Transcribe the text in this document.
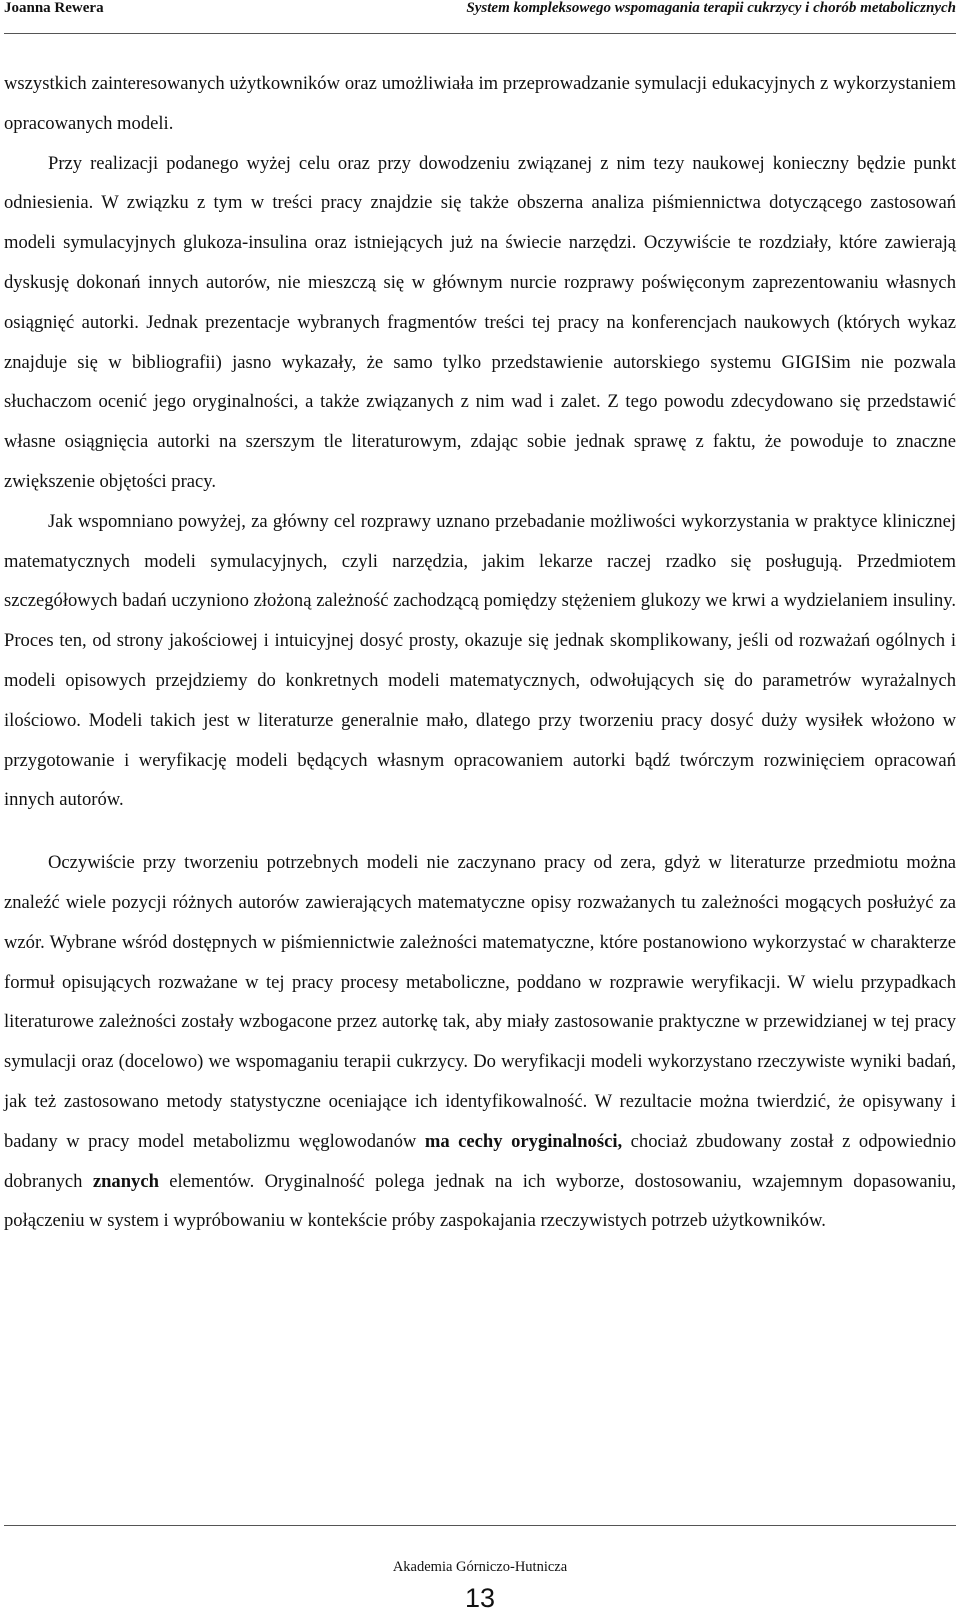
Joanna Rewera	System kompleksowego wspomagania terapii cukrzycy i chorób metabolicznych

wszystkich zainteresowanych użytkowników oraz umożliwiała im przeprowadzanie symulacji edukacyjnych z wykorzystaniem opracowanych modeli.

Przy realizacji podanego wyżej celu oraz przy dowodzeniu związanej z nim tezy naukowej konieczny będzie punkt odniesienia. W związku z tym w treści pracy znajdzie się także obszerna analiza piśmiennictwa dotyczącego zastosowań modeli symulacyjnych glukoza-insulina oraz istniejących już na świecie narzędzi. Oczywiście te rozdziały, które zawierają dyskusję dokonań innych autorów, nie mieszczą się w głównym nurcie rozprawy poświęconym zaprezentowaniu własnych osiągnięć autorki. Jednak prezentacje wybranych fragmentów treści tej pracy na konferencjach naukowych (których wykaz znajduje się w bibliografii) jasno wykazały, że samo tylko przedstawienie autorskiego systemu GIGISim nie pozwala słuchaczom ocenić jego oryginalności, a także związanych z nim wad i zalet. Z tego powodu zdecydowano się przedstawić własne osiągnięcia autorki na szerszym tle literaturowym, zdając sobie jednak sprawę z faktu, że powoduje to znaczne zwiększenie objętości pracy.

Jak wspomniano powyżej, za główny cel rozprawy uznano przebadanie możliwości wykorzystania w praktyce klinicznej matematycznych modeli symulacyjnych, czyli narzędzia, jakim lekarze raczej rzadko się posługują. Przedmiotem szczegółowych badań uczyniono złożoną zależność zachodzącą pomiędzy stężeniem glukozy we krwi a wydzielaniem insuliny. Proces ten, od strony jakościowej i intuicyjnej dosyć prosty, okazuje się jednak skomplikowany, jeśli od rozważań ogólnych i modeli opisowych przejdziemy do konkretnych modeli matematycznych, odwołujących się do parametrów wyrażalnych ilościowo. Modeli takich jest w literaturze generalnie mało, dlatego przy tworzeniu pracy dosyć duży wysiłek włożono w przygotowanie i weryfikację modeli będących własnym opracowaniem autorki bądź twórczym rozwinięciem opracowań innych autorów.

Oczywiście przy tworzeniu potrzebnych modeli nie zaczynano pracy od zera, gdyż w literaturze przedmiotu można znaleźć wiele pozycji różnych autorów zawierających matematyczne opisy rozważanych tu zależności mogących posłużyć za wzór. Wybrane wśród dostępnych w piśmiennictwie zależności matematyczne, które postanowiono wykorzystać w charakterze formuł opisujących rozważane w tej pracy procesy metaboliczne, poddano w rozprawie weryfikacji. W wielu przypadkach literaturowe zależności zostały wzbogacone przez autorkę tak, aby miały zastosowanie praktyczne w przewidzianej w tej pracy symulacji oraz (docelowo) we wspomaganiu terapii cukrzycy. Do weryfikacji modeli wykorzystano rzeczywiste wyniki badań, jak też zastosowano metody statystyczne oceniające ich identyfikowalność. W rezultacie można twierdzić, że opisywany i badany w pracy model metabolizmu węglowodanów ma cechy oryginalności, chociaż zbudowany został z odpowiednio dobranych znanych elementów. Oryginalność polega jednak na ich wyborze, dostosowaniu, wzajemnym dopasowaniu, połączeniu w system i wypróbowaniu w kontekście próby zaspokajania rzeczywistych potrzeb użytkowników.

Akademia Górniczo-Hutnicza
13
